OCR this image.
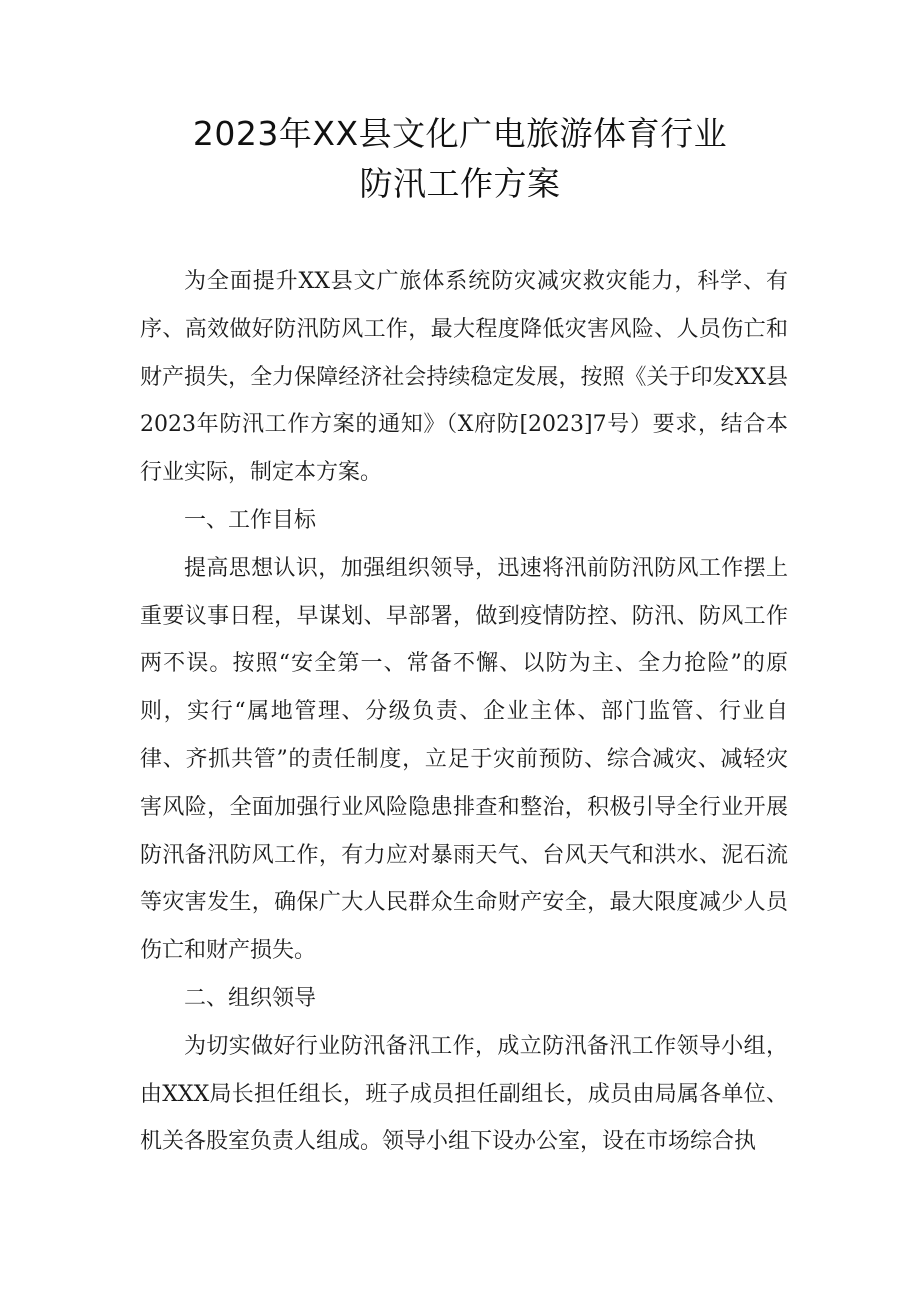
2023年XX县文化广电旅游体育行业
防汛工作方案

为全面提升XX县文广旅体系统防灾减灾救灾能力，科学、有序、高效做好防汛防风工作，最大程度降低灾害风险、人员伤亡和财产损失，全力保障经济社会持续稳定发展，按照《关于印发XX县2023年防汛工作方案的通知》（X府防[2023]7号）要求，结合本行业实际，制定本方案。

一、工作目标

提高思想认识，加强组织领导，迅速将汛前防汛防风工作摆上重要议事日程，早谋划、早部署，做到疫情防控、防汛、防风工作两不误。按照“安全第一、常备不懈、以防为主、全力抢险”的原则，实行“属地管理、分级负责、企业主体、部门监管、行业自律、齐抓共管”的责任制度，立足于灾前预防、综合减灾、减轻灾害风险，全面加强行业风险隐患排查和整治，积极引导全行业开展防汛备汛防风工作，有力应对暴雨天气、台风天气和洪水、泥石流等灾害发生，确保广大人民群众生命财产安全，最大限度减少人员伤亡和财产损失。

二、组织领导

为切实做好行业防汛备汛工作，成立防汛备汛工作领导小组，由XXX局长担任组长，班子成员担任副组长，成员由局属各单位、机关各股室负责人组成。领导小组下设办公室，设在市场综合执
